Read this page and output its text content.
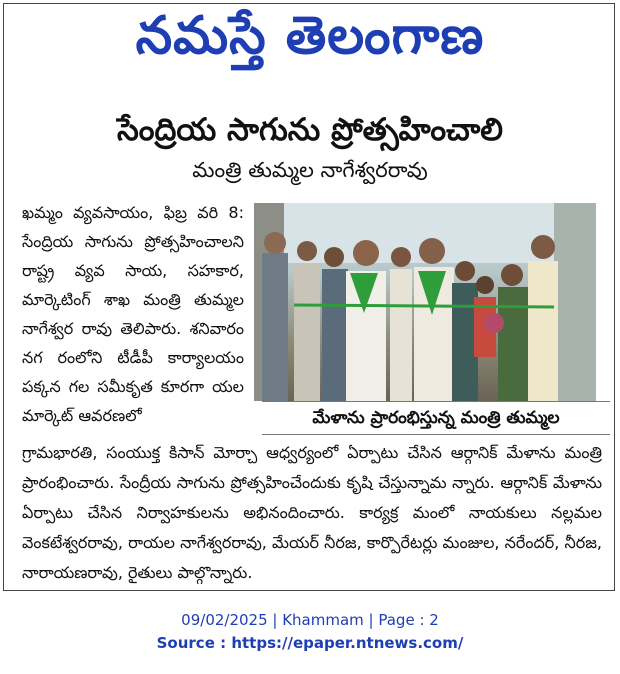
నమస్తే తెలంగాణ
సేంద్రియ సాగును ప్రోత్సహించాలి
మంత్రి తుమ్మల నాగేశ్వరరావు
ఖమ్మం వ్యవసాయం, ఫిబ్ర వరి 8: సేంద్రియ సాగును ప్రోత్సహించాలని రాష్ట్ర వ్యవ సాయ, సహకార, మార్కెటింగ్ శాఖ మంత్రి తుమ్మల నాగేశ్వర రావు తెలిపారు. శనివారం నగ రంలోని టీడీపీ కార్యాలయం పక్కన గల సమీకృత కూరగా యల మార్కెట్ ఆవరణలో	మేళాను ప్రారంభిస్తున్న మంత్రి తుమ్మల
గ్రామభారతి, సంయుక్త కిసాన్ మోర్చా ఆధ్వర్యంలో ఏర్పాటు చేసిన ఆర్గానిక్ మేళాను మంత్రి ప్రారంభించారు. సేంద్రీయ సాగును ప్రోత్సహించేందుకు కృషి చేస్తున్నామ న్నారు. ఆర్గానిక్ మేళాను ఏర్పాటు చేసిన నిర్వాహకులను అభినందించారు. కార్యక్ర మంలో నాయకులు నల్లమల వెంకటేశ్వరరావు, రాయల నాగేశ్వరరావు, మేయర్ నీరజ, కార్పొరేటర్లు మంజుల, నరేందర్, నీరజ, నారాయణరావు, రైతులు పాల్గొన్నారు.
09/02/2025 | Khammam | Page : 2
Source : https://epaper.ntnews.com/
